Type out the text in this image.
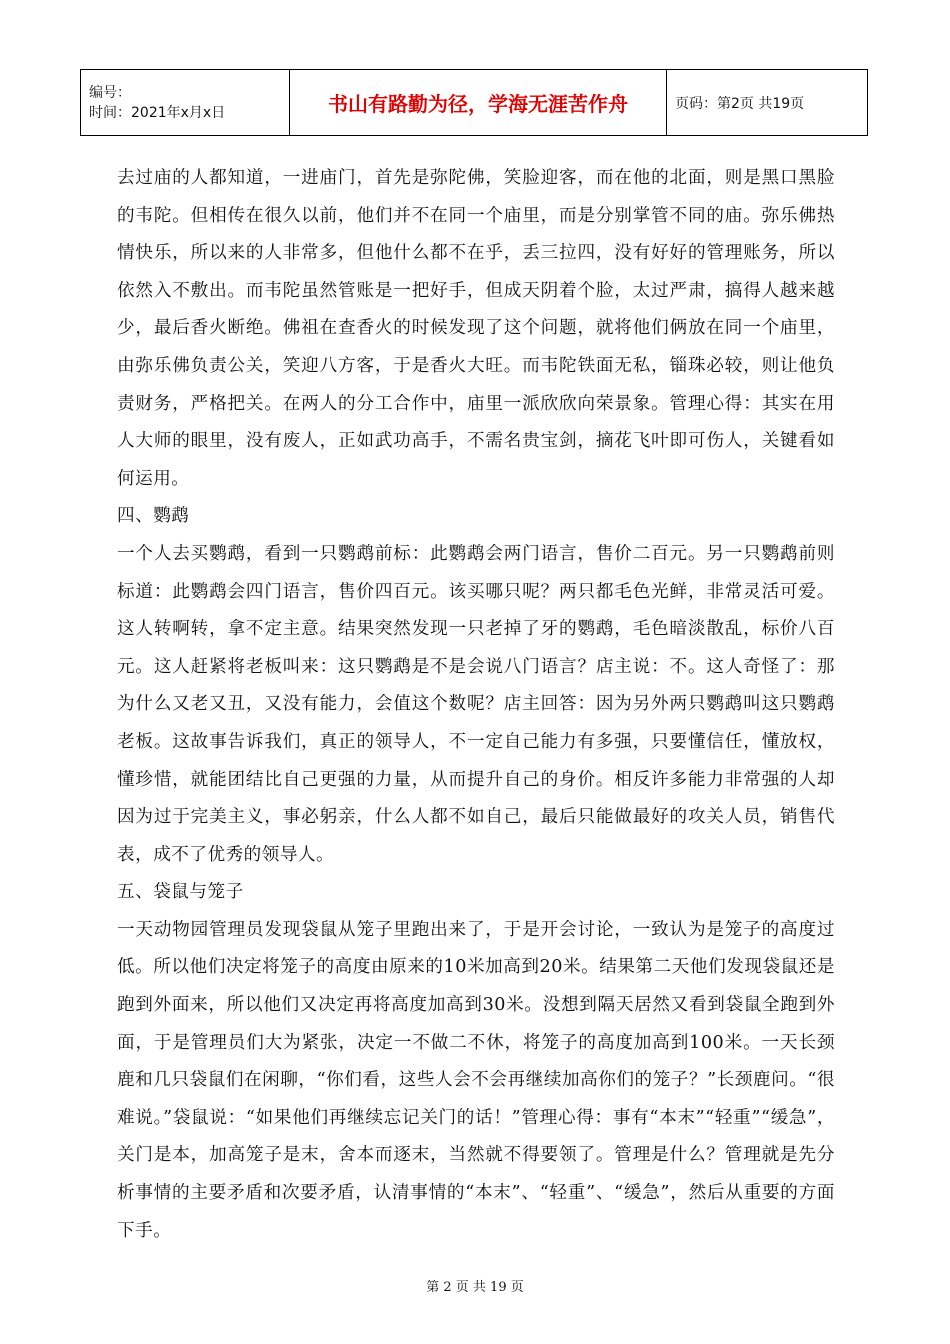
编号：
时间：2021年x月x日	书山有路勤为径，学海无涯苦作舟	页码：第2页 共19页

去过庙的人都知道，一进庙门，首先是弥陀佛，笑脸迎客，而在他的北面，则是黑口黑脸的韦陀。但相传在很久以前，他们并不在同一个庙里，而是分别掌管不同的庙。弥乐佛热情快乐，所以来的人非常多，但他什么都不在乎，丢三拉四，没有好好的管理账务，所以依然入不敷出。而韦陀虽然管账是一把好手，但成天阴着个脸，太过严肃，搞得人越来越少，最后香火断绝。佛祖在查香火的时候发现了这个问题，就将他们俩放在同一个庙里，由弥乐佛负责公关，笑迎八方客，于是香火大旺。而韦陀铁面无私，锱珠必较，则让他负责财务，严格把关。在两人的分工合作中，庙里一派欣欣向荣景象。管理心得：其实在用人大师的眼里，没有废人，正如武功高手，不需名贵宝剑，摘花飞叶即可伤人，关键看如何运用。

四、鹦鹉

一个人去买鹦鹉，看到一只鹦鹉前标：此鹦鹉会两门语言，售价二百元。另一只鹦鹉前则标道：此鹦鹉会四门语言，售价四百元。该买哪只呢？两只都毛色光鲜，非常灵活可爱。这人转啊转，拿不定主意。结果突然发现一只老掉了牙的鹦鹉，毛色暗淡散乱，标价八百元。这人赶紧将老板叫来：这只鹦鹉是不是会说八门语言？店主说：不。这人奇怪了：那为什么又老又丑，又没有能力，会值这个数呢？店主回答：因为另外两只鹦鹉叫这只鹦鹉老板。这故事告诉我们，真正的领导人，不一定自己能力有多强，只要懂信任，懂放权，懂珍惜，就能团结比自己更强的力量，从而提升自己的身价。相反许多能力非常强的人却因为过于完美主义，事必躬亲，什么人都不如自己，最后只能做最好的攻关人员，销售代表，成不了优秀的领导人。

五、袋鼠与笼子

一天动物园管理员发现袋鼠从笼子里跑出来了，于是开会讨论，一致认为是笼子的高度过低。所以他们决定将笼子的高度由原来的10米加高到20米。结果第二天他们发现袋鼠还是跑到外面来，所以他们又决定再将高度加高到30米。没想到隔天居然又看到袋鼠全跑到外面，于是管理员们大为紧张，决定一不做二不休，将笼子的高度加高到100米。一天长颈鹿和几只袋鼠们在闲聊，“你们看，这些人会不会再继续加高你们的笼子？”长颈鹿问。“很难说。”袋鼠说：“如果他们再继续忘记关门的话！”管理心得：事有“本末”“轻重”“缓急”，关门是本，加高笼子是末，舍本而逐末，当然就不得要领了。管理是什么？管理就是先分析事情的主要矛盾和次要矛盾，认清事情的“本末”、“轻重”、“缓急”，然后从重要的方面下手。

第 2 页 共 19 页
